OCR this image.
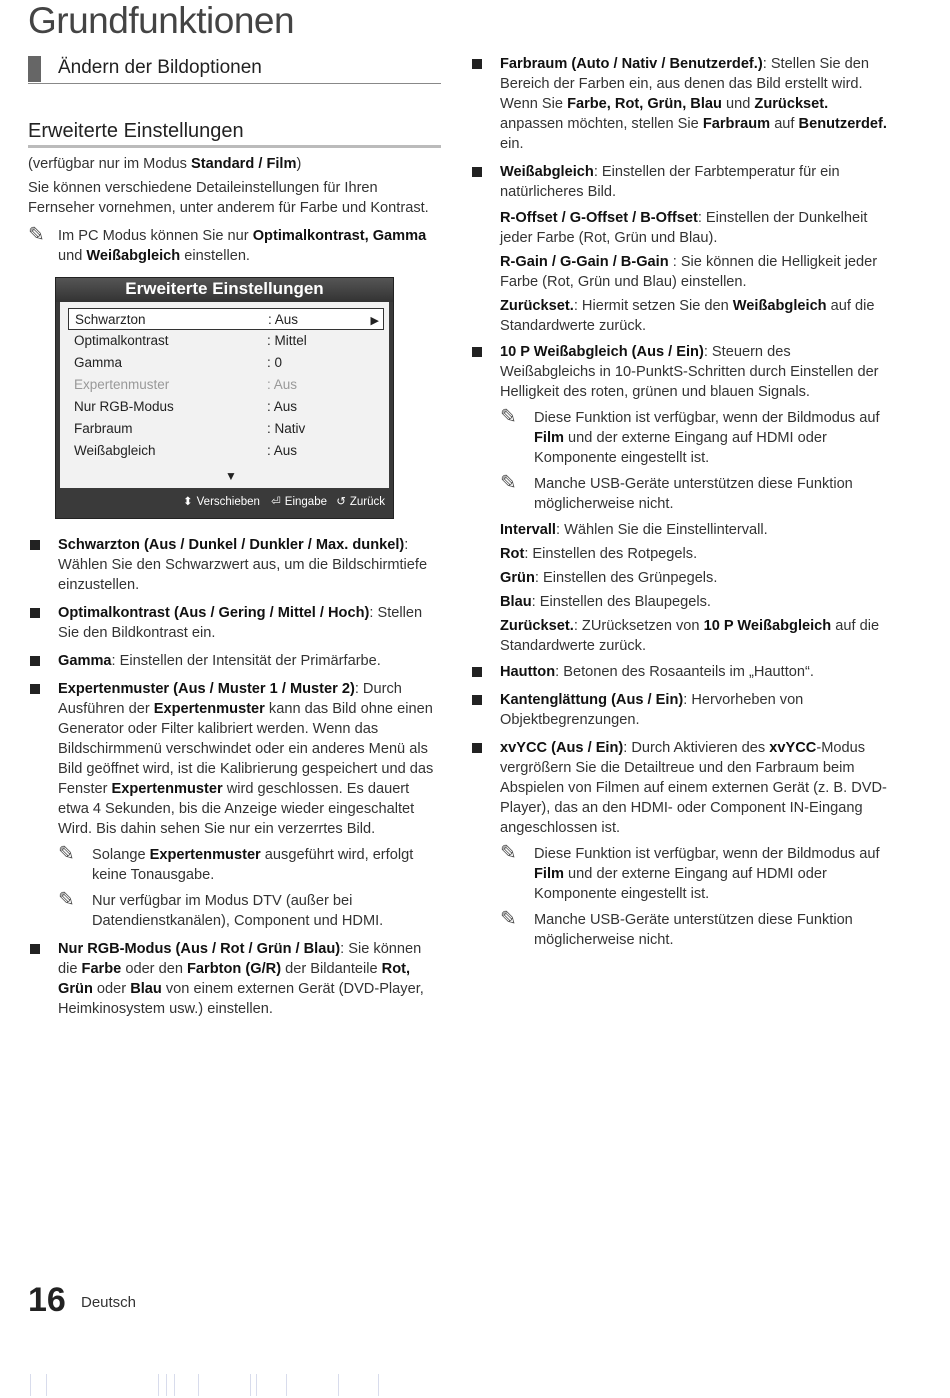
Grundfunktionen
Ändern der Bildoptionen
Erweiterte Einstellungen

(verfügbar nur im Modus Standard / Film)

Sie können verschiedene Detaileinstellungen für Ihren Fernseher vornehmen, unter anderem für Farbe und Kontrast.

✎ Im PC Modus können Sie nur Optimalkontrast, Gamma und Weißabgleich einstellen.

Erweiterte Einstellungen
Schwarzton	: Aus	▶
Optimalkontrast	: Mittel
Gamma	: 0
Expertenmuster	: Aus
Nur RGB-Modus	: Aus
Farbraum	: Nativ
Weißabgleich	: Aus
▼
⬍ Verschieben ⏎ Eingabe ↺ Zurück
Schwarzton (Aus / Dunkel / Dunkler / Max. dunkel): Wählen Sie den Schwarzwert aus, um die Bildschirmtiefe einzustellen.
Optimalkontrast (Aus / Gering / Mittel / Hoch): Stellen Sie den Bildkontrast ein.
Gamma: Einstellen der Intensität der Primärfarbe.
Expertenmuster (Aus / Muster 1 / Muster 2): Durch Ausführen der Expertenmuster kann das Bild ohne einen Generator oder Filter kalibriert werden. Wenn das Bildschirmmenü verschwindet oder ein anderes Menü als Bild geöffnet wird, ist die Kalibrierung gespeichert und das Fenster Expertenmuster wird geschlossen. Es dauert etwa 4 Sekunden, bis die Anzeige wieder eingeschaltet Wird. Bis dahin sehen Sie nur ein verzerrtes Bild.
✎ Solange Expertenmuster ausgeführt wird, erfolgt keine Tonausgabe.
✎ Nur verfügbar im Modus DTV (außer bei Datendienstkanälen), Component und HDMI.
Nur RGB-Modus (Aus / Rot / Grün / Blau): Sie können die Farbe oder den Farbton (G/R) der Bildanteile Rot, Grün oder Blau von einem externen Gerät (DVD-Player, Heimkinosystem usw.) einstellen.
Farbraum (Auto / Nativ / Benutzerdef.): Stellen Sie den Bereich der Farben ein, aus denen das Bild erstellt wird. Wenn Sie Farbe, Rot, Grün, Blau und Zurückset. anpassen möchten, stellen Sie Farbraum auf Benutzerdef. ein.
Weißabgleich: Einstellen der Farbtemperatur für ein natürlicheres Bild.
R-Offset / G-Offset / B-Offset: Einstellen der Dunkelheit jeder Farbe (Rot, Grün und Blau).
R-Gain / G-Gain / B-Gain : Sie können die Helligkeit jeder Farbe (Rot, Grün und Blau) einstellen.
Zurückset.: Hiermit setzen Sie den Weißabgleich auf die Standardwerte zurück.
10 P Weißabgleich (Aus / Ein): Steuern des Weißabgleichs in 10-PunktS-Schritten durch Einstellen der Helligkeit des roten, grünen und blauen Signals.
✎ Diese Funktion ist verfügbar, wenn der Bildmodus auf Film und der externe Eingang auf HDMI oder Komponente eingestellt ist.
✎ Manche USB-Geräte unterstützen diese Funktion möglicherweise nicht.
Intervall: Wählen Sie die Einstellintervall.
Rot: Einstellen des Rotpegels.
Grün: Einstellen des Grünpegels.
Blau: Einstellen des Blaupegels.
Zurückset.: ZUrücksetzen von 10 P Weißabgleich auf die Standardwerte zurück.
Hautton: Betonen des Rosaanteils im „Hautton“.
Kantenglättung (Aus / Ein): Hervorheben von Objektbegrenzungen.
xvYCC (Aus / Ein): Durch Aktivieren des xvYCC-Modus vergrößern Sie die Detailtreue und den Farbraum beim Abspielen von Filmen auf einem externen Gerät (z. B. DVD-Player), das an den HDMI- oder Component IN-Eingang angeschlossen ist.
✎ Diese Funktion ist verfügbar, wenn der Bildmodus auf Film und der externe Eingang auf HDMI oder Komponente eingestellt ist.
✎ Manche USB-Geräte unterstützen diese Funktion möglicherweise nicht.
16 Deutsch
